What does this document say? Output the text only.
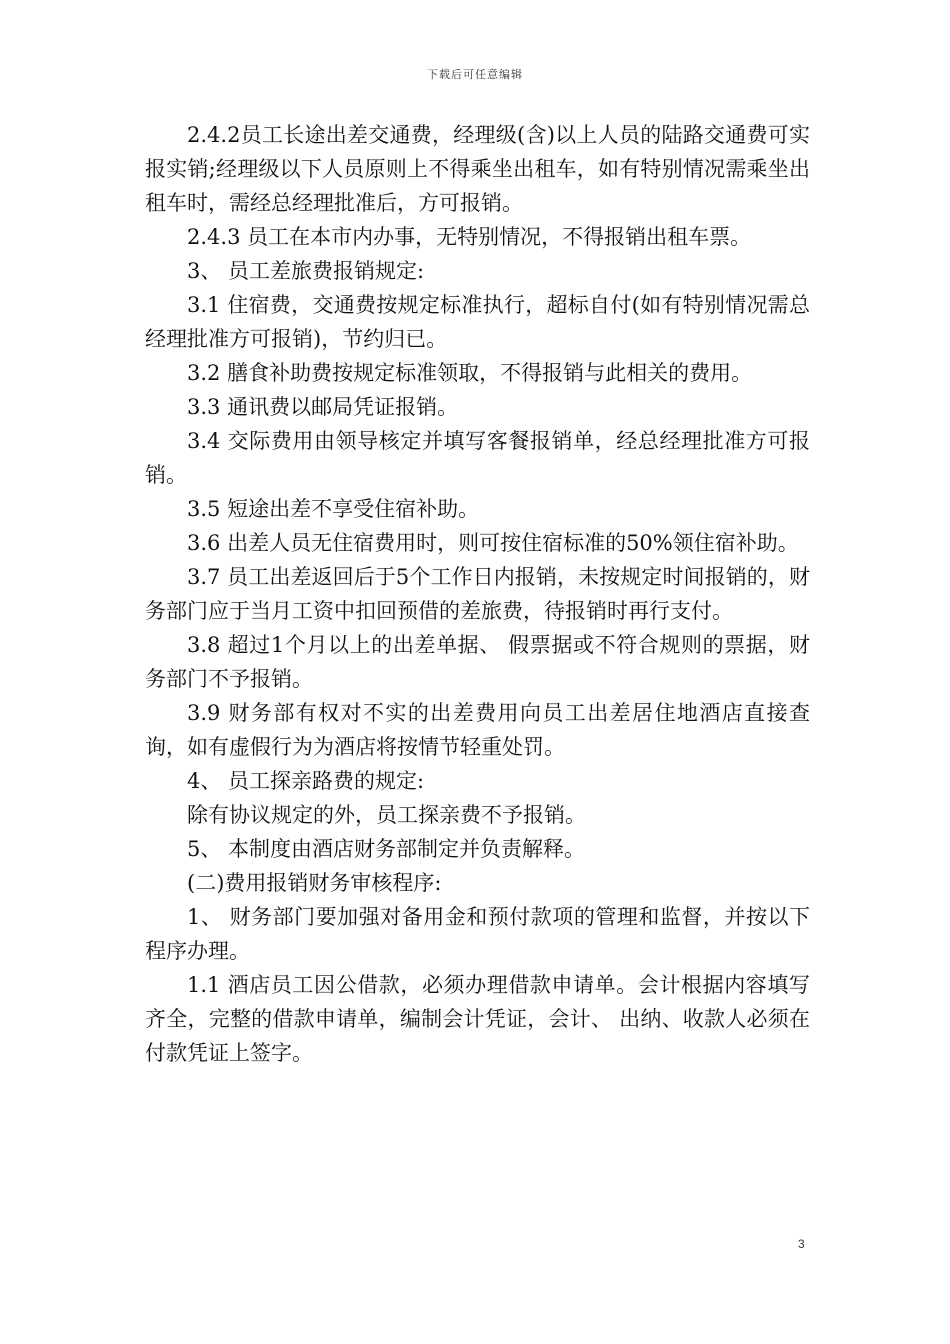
下载后可任意编辑

2.4.2员工长途出差交通费，经理级(含)以上人员的陆路交通费可实报实销;经理级以下人员原则上不得乘坐出租车，如有特别情况需乘坐出租车时，需经总经理批准后，方可报销。

2.4.3 员工在本市内办事，无特别情况，不得报销出租车票。

3、 员工差旅费报销规定:

3.1 住宿费，交通费按规定标准执行，超标自付(如有特别情况需总经理批准方可报销)，节约归已。

3.2 膳食补助费按规定标准领取，不得报销与此相关的费用。

3.3 通讯费以邮局凭证报销。

3.4 交际费用由领导核定并填写客餐报销单，经总经理批准方可报销。

3.5 短途出差不享受住宿补助。

3.6 出差人员无住宿费用时，则可按住宿标准的50%领住宿补助。

3.7 员工出差返回后于5个工作日内报销，未按规定时间报销的，财务部门应于当月工资中扣回预借的差旅费，待报销时再行支付。

3.8 超过1个月以上的出差单据、 假票据或不符合规则的票据，财务部门不予报销。

3.9 财务部有权对不实的出差费用向员工出差居住地酒店直接查询，如有虚假行为为酒店将按情节轻重处罚。

4、 员工探亲路费的规定:

除有协议规定的外，员工探亲费不予报销。

5、 本制度由酒店财务部制定并负责解释。

(二)费用报销财务审核程序:

1、 财务部门要加强对备用金和预付款项的管理和监督，并按以下程序办理。

1.1 酒店员工因公借款，必须办理借款申请单。会计根据内容填写齐全，完整的借款申请单，编制会计凭证，会计、 出纳、收款人必须在付款凭证上签字。

3
